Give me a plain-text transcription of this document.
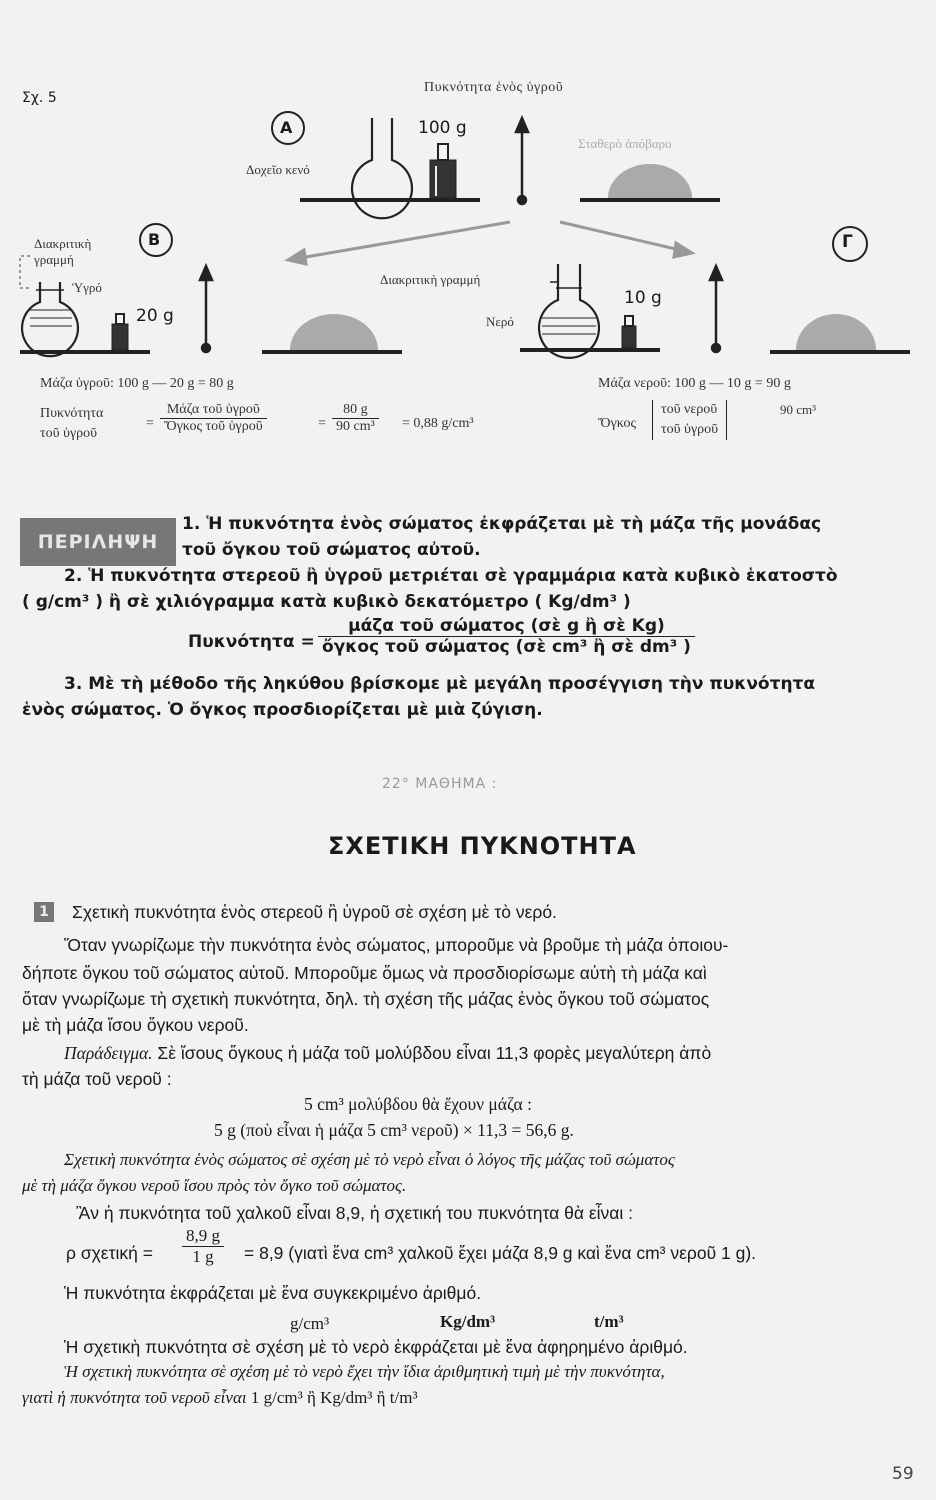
Σχ. 5
Πυκνότητα ἑνὸς ὑγροῦ
A
Δοχεῖο κενό
100 g
Σταθερὸ ἀπόβαρο
B
Διακριτικὴ γραμμή
Ὑγρό
20 g
Γ
Διακριτικὴ γραμμή
Νερό
10 g
Μάζα ὑγροῦ: 100 g — 20 g = 80 g
Πυκνότητα
τοῦ ὑγροῦ
= $\frac{\text{Μάζα τοῦ ὑγροῦ}}{\text{Ὄγκος τοῦ ὑγροῦ}}$	= $\frac{80 g}{\text{90 cm³}} = 0,88$ g/cm³
Μάζα νεροῦ: 100 g — 10 g = 90 g
Ὄγκος
τοῦ νεροῦ
τοῦ ὑγροῦ
90 cm³
ΠΕΡΙΛΗΨΗ
1. Ἡ πυκνότητα ἑνὸς σώματος ἐκφράζεται μὲ τὴ μάζα τῆς μονάδας
τοῦ ὄγκου τοῦ σώματος αὐτοῦ.
2. Ἡ πυκνότητα στερεοῦ ἢ ὑγροῦ μετριέται σὲ γραμμάρια κατὰ κυβικὸ ἑκατοστὸ
( g/cm³ ) ἢ σὲ χιλιόγραμμα κατὰ κυβικὸ δεκατόμετρο ( Kg/dm³ )
$\Pi\upsilon\kappa\nu ό\tau\eta\tau\alpha = \frac{\text{μάζα τοῦ σώματος (σὲ g ἢ σὲ Kg)}}{\text{ὄγκος τοῦ σώματος (σὲ cm³ ἢ σὲ dm³ )}}$
3. Μὲ τὴ μέθοδο τῆς ληκύθου βρίσκομε μὲ μεγάλη προσέγγιση τὴν πυκνότητα
ἑνὸς σώματος. Ὁ ὄγκος προσδιορίζεται μὲ μιὰ ζύγιση.
22° ΜΑΘΗΜΑ :
ΣΧΕΤΙΚΗ ΠΥΚΝΟΤΗΤΑ
1 Σχετικὴ πυκνότητα ἑνὸς στερεοῦ ἢ ὑγροῦ σὲ σχέση μὲ τὸ νερό.
Ὅταν γνωρίζωμε τὴν πυκνότητα ἑνὸς σώματος, μποροῦμε νὰ βροῦμε τὴ μάζα ὁποιου-
δήποτε ὄγκου τοῦ σώματος αὐτοῦ. Μποροῦμε ὅμως νὰ προσδιορίσωμε αὐτὴ τὴ μάζα καὶ
ὅταν γνωρίζωμε τὴ σχετικὴ πυκνότητα, δηλ. τὴ σχέση τῆς μάζας ἑνὸς ὄγκου τοῦ σώματος
μὲ τὴ μάζα ἴσου ὄγκου νεροῦ.
Παράδειγμα. Σὲ ἴσους ὄγκους ἡ μάζα τοῦ μολύβδου εἶναι 11,3 φορὲς μεγαλύτερη ἀπὸ
τὴ μάζα τοῦ νεροῦ :
5 cm³ μολύβδου θὰ ἔχουν μάζα :
5 g (ποὺ εἶναι ἡ μάζα 5 cm³ νεροῦ) × 11,3 = 56,6 g.
Σχετικὴ πυκνότητα ἑνὸς σώματος σὲ σχέση μὲ τὸ νερὸ εἶναι ὁ λόγος τῆς μάζας τοῦ σώματος
μὲ τὴ μάζα ὄγκου νεροῦ ἴσου πρὸς τὸν ὄγκο τοῦ σώματος.
Ἂν ἡ πυκνότητα τοῦ χαλκοῦ εἶναι 8,9, ἡ σχετική του πυκνότητα θὰ εἶναι :
ρ $\sigma\chi\varepsilon\tau\iota\kappa ή = \frac{8,9 g}{1 g} = 8,9$ (γιατὶ ἕνα cm³ χαλκοῦ ἔχει μάζα 8,9 g καὶ ἕνα cm³ νεροῦ 1 g).
Ἡ πυκνότητα ἐκφράζεται μὲ ἕνα συγκεκριμένο ἀριθμό.
g/cm³	Kg/dm³	t/m³
Ἡ σχετικὴ πυκνότητα σὲ σχέση μὲ τὸ νερὸ ἐκφράζεται μὲ ἕνα ἀφηρημένο ἀριθμό.
Ἡ σχετικὴ πυκνότητα σὲ σχέση μὲ τὸ νερὸ ἔχει τὴν ἴδια ἀριθμητικὴ τιμὴ μὲ τὴν πυκνότητα,
γιατὶ ἡ πυκνότητα τοῦ νεροῦ εἶναι 1 g/cm³ ἢ Kg/dm³ ἢ t/m³
59
